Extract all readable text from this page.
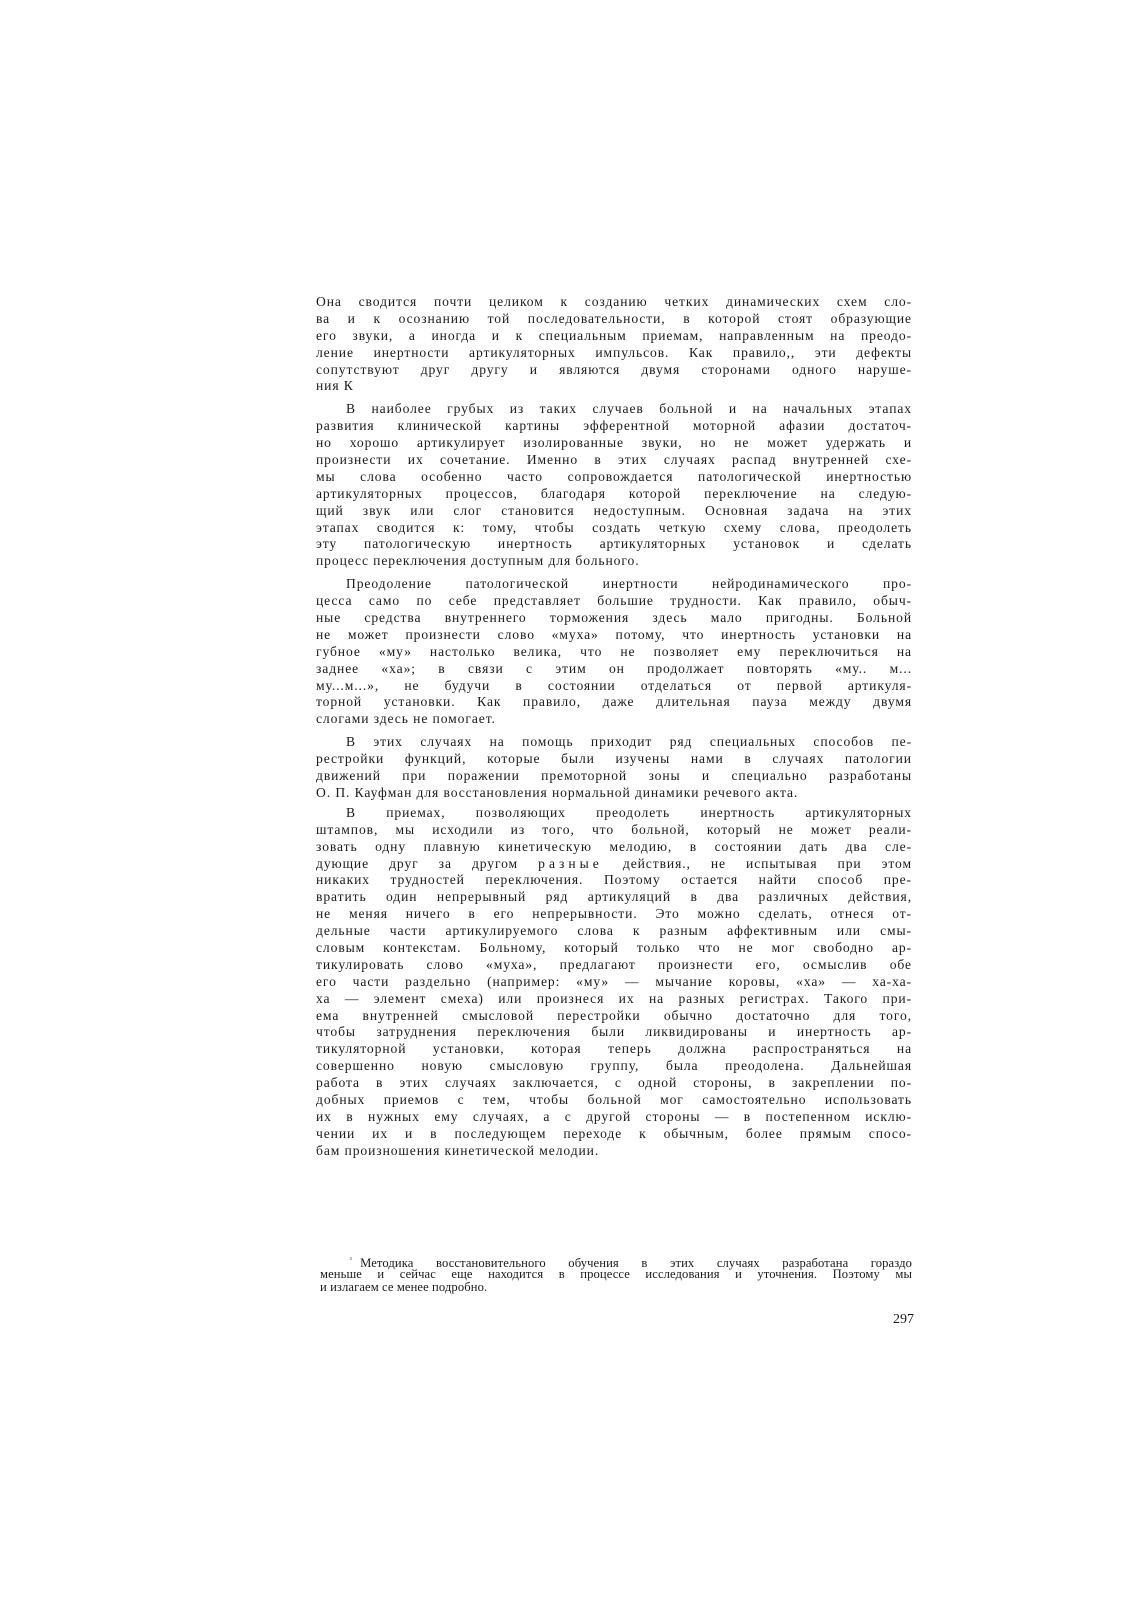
Она сводится почти целиком к созданию четких динамических схем сло-
ва и к осознанию той последовательности, в которой стоят образующие
его звуки, а иногда и к специальным приемам, направленным на преодо-
ление инертности артикуляторных импульсов. Как правило,, эти дефекты
сопутствуют друг другу и являются двумя сторонами одного наруше-
ния К
В наиболее грубых из таких случаев больной и на начальных этапах
развития клинической картины эфферентной моторной афазии достаточ-
но хорошо артикулирует изолированные звуки, но не может удержать и
произнести их сочетание. Именно в этих случаях распад внутренней схе-
мы слова особенно часто сопровождается патологической инертностью
артикуляторных процессов, благодаря которой переключение на следую-
щий звук или слог становится недоступным. Основная задача на этих
этапах сводится к: тому, чтобы создать четкую схему слова, преодолеть
эту патологическую инертность артикуляторных установок и сделать
процесс переключения доступным для больного.
Преодоление патологической инертности нейродинамического про-
цесса само по себе представляет большие трудности. Как правило, обыч-
ные средства внутреннего торможения здесь мало пригодны. Больной
не может произнести слово «муха» потому, что инертность установки на
губное «му» настолько велика, что не позволяет ему переключиться на
заднее «ха»; в связи с этим он продолжает повторять «му.. м...
му...м...», не будучи в состоянии отделаться от первой артикуля-
торной установки. Как правило, даже длительная пауза между двумя
слогами здесь не помогает.
В этих случаях на помощь приходит ряд специальных способов пе-
рестройки функций, которые были изучены нами в случаях патологии
движений при поражении премоторной зоны и специально разработаны
О. П. Кауфман для восстановления нормальной динамики речевого акта.
В приемах, позволяющих преодолеть инертность артикуляторных
штампов, мы исходили из того, что больной, который не может реали-
зовать одну плавную кинетическую мелодию, в состоянии дать два сле-
дующие друг за другом разные действия., не испытывая при этом
никаких трудностей переключения. Поэтому остается найти способ пре-
вратить один непрерывный ряд артикуляций в два различных действия,
не меняя ничего в его непрерывности. Это можно сделать, отнеся от-
дельные части артикулируемого слова к разным аффективным или смы-
словым контекстам. Больному, который только что не мог свободно ар-
тикулировать слово «муха», предлагают произнести его, осмыслив обе
его части раздельно (например: «му» — мычание коровы, «ха» — ха-ха-
ха — элемент смеха) или произнеся их на разных регистрах. Такого при-
ема внутренней смысловой перестройки обычно достаточно для того,
чтобы затруднения переключения были ликвидированы и инертность ар-
тикуляторной установки, которая теперь должна распространяться на
совершенно новую смысловую группу, была преодолена. Дальнейшая
работа в этих случаях заключается, с одной стороны, в закреплении по-
добных приемов с тем, чтобы больной мог самостоятельно использовать
их в нужных ему случаях, а с другой стороны — в постепенном исклю-
чении их и в последующем переходе к обычным, более прямым спосо-
бам произношения кинетической мелодии.
$^{^1}$ Методика восстановительного обучения в этих случаях разработана гораздо
меньше и сейчас еще находится в процессе исследования и уточнения. Поэтому мы
и излагаем се менее подробно.
297
